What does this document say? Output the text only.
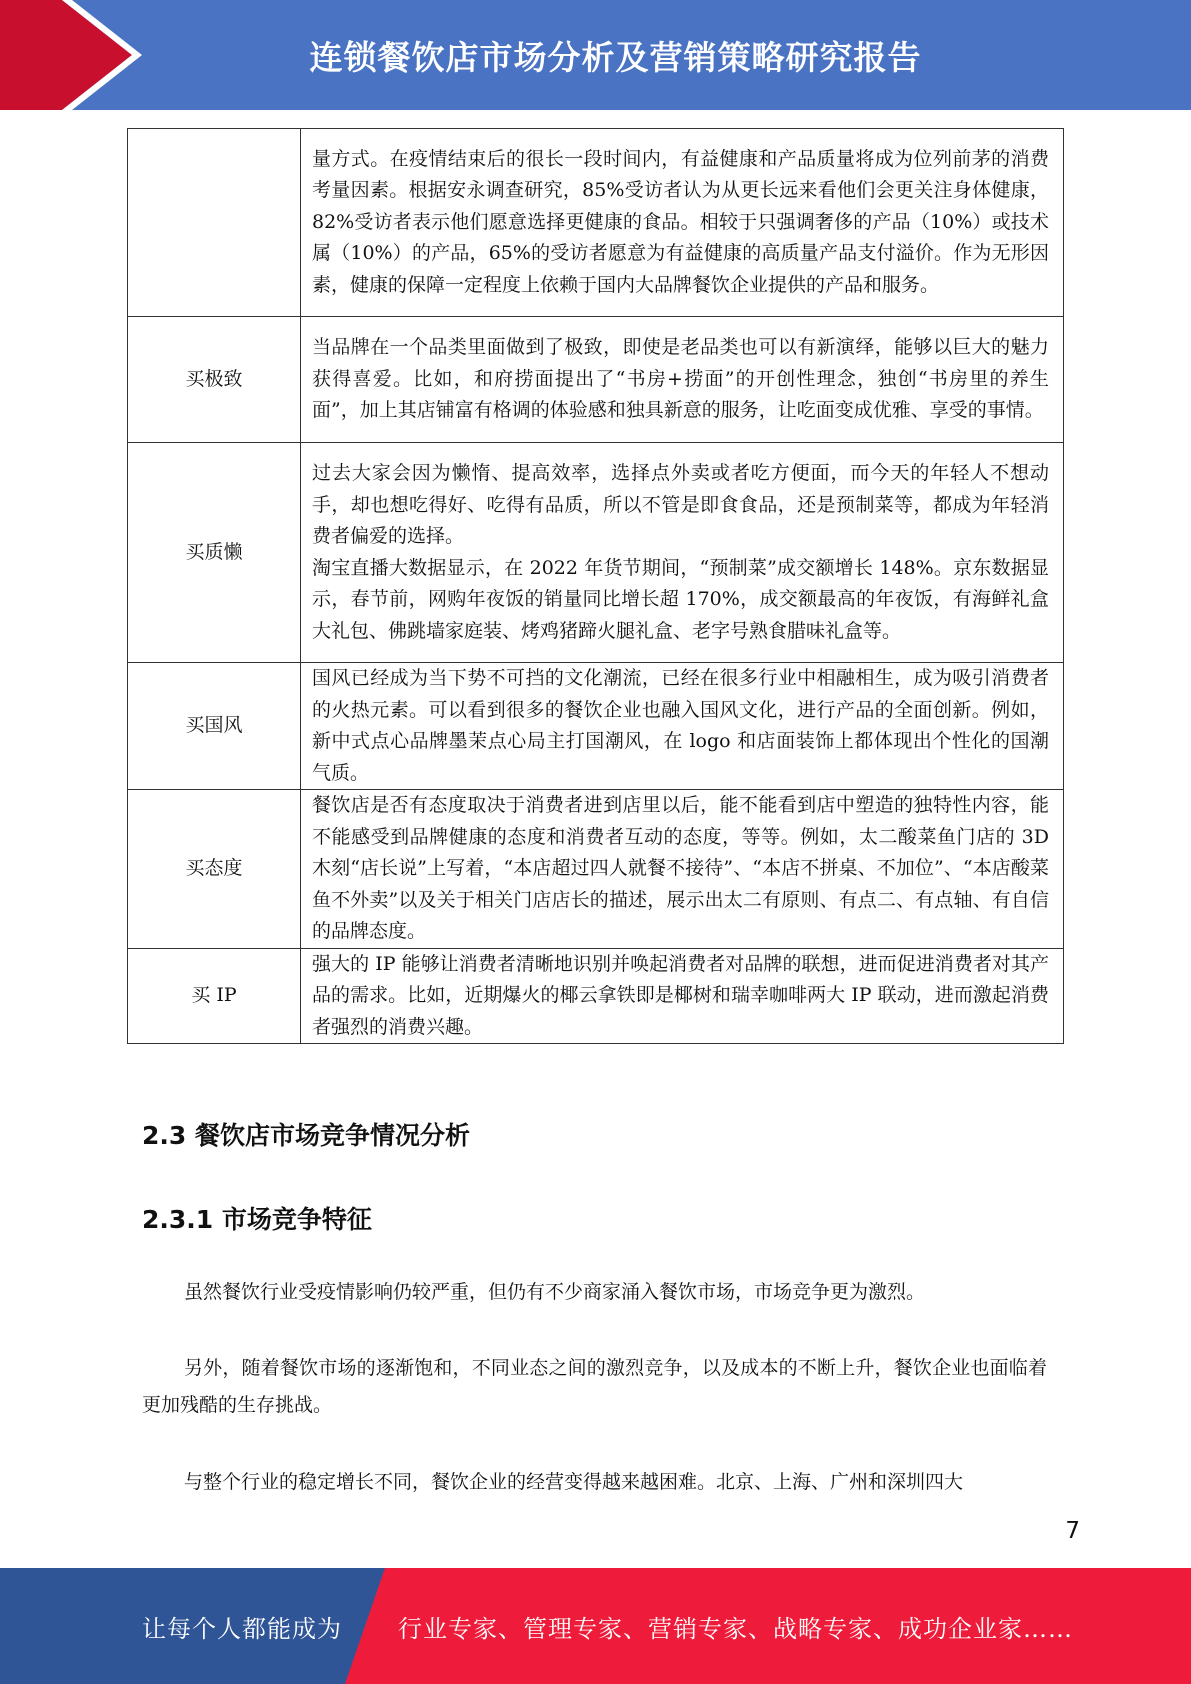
连锁餐饮店市场分析及营销策略研究报告

	量方式。在疫情结束后的很长一段时间内，有益健康和产品质量将成为位列前茅的消费考量因素。根据安永调查研究，85%受访者认为从更长远来看他们会更关注身体健康，82%受访者表示他们愿意选择更健康的食品。相较于只强调奢侈的产品（10%）或技术属（10%）的产品，65%的受访者愿意为有益健康的高质量产品支付溢价。作为无形因素，健康的保障一定程度上依赖于国内大品牌餐饮企业提供的产品和服务。

买极致	当品牌在一个品类里面做到了极致，即使是老品类也可以有新演绎，能够以巨大的魅力获得喜爱。比如，和府捞面提出了“书房+捞面”的开创性理念，独创“书房里的养生面”，加上其店铺富有格调的体验感和独具新意的服务，让吃面变成优雅、享受的事情。

买质懒	过去大家会因为懒惰、提高效率，选择点外卖或者吃方便面，而今天的年轻人不想动手，却也想吃得好、吃得有品质，所以不管是即食食品，还是预制菜等，都成为年轻消费者偏爱的选择。

淘宝直播大数据显示，在 2022 年货节期间，“预制菜”成交额增长 148%。京东数据显示，春节前，网购年夜饭的销量同比增长超 170%，成交额最高的年夜饭，有海鲜礼盒大礼包、佛跳墙家庭装、烤鸡猪蹄火腿礼盒、老字号熟食腊味礼盒等。

买国风	国风已经成为当下势不可挡的文化潮流，已经在很多行业中相融相生，成为吸引消费者的火热元素。可以看到很多的餐饮企业也融入国风文化，进行产品的全面创新。例如，新中式点心品牌墨茉点心局主打国潮风，在 logo 和店面装饰上都体现出个性化的国潮气质。

买态度	餐饮店是否有态度取决于消费者进到店里以后，能不能看到店中塑造的独特性内容，能不能感受到品牌健康的态度和消费者互动的态度，等等。例如，太二酸菜鱼门店的 3D 木刻“店长说”上写着，“本店超过四人就餐不接待”、“本店不拼桌、不加位”、“本店酸菜鱼不外卖”以及关于相关门店店长的描述，展示出太二有原则、有点二、有点轴、有自信的品牌态度。

买 IP	强大的 IP 能够让消费者清晰地识别并唤起消费者对品牌的联想，进而促进消费者对其产品的需求。比如，近期爆火的椰云拿铁即是椰树和瑞幸咖啡两大 IP 联动，进而激起消费者强烈的消费兴趣。

2.3 餐饮店市场竞争情况分析
2.3.1 市场竞争特征

虽然餐饮行业受疫情影响仍较严重，但仍有不少商家涌入餐饮市场，市场竞争更为激烈。

另外，随着餐饮市场的逐渐饱和，不同业态之间的激烈竞争，以及成本的不断上升，餐饮企业也面临着更加残酷的生存挑战。

与整个行业的稳定增长不同，餐饮企业的经营变得越来越困难。北京、上海、广州和深圳四大

7
让每个人都能成为 行业专家、管理专家、营销专家、战略专家、成功企业家……
